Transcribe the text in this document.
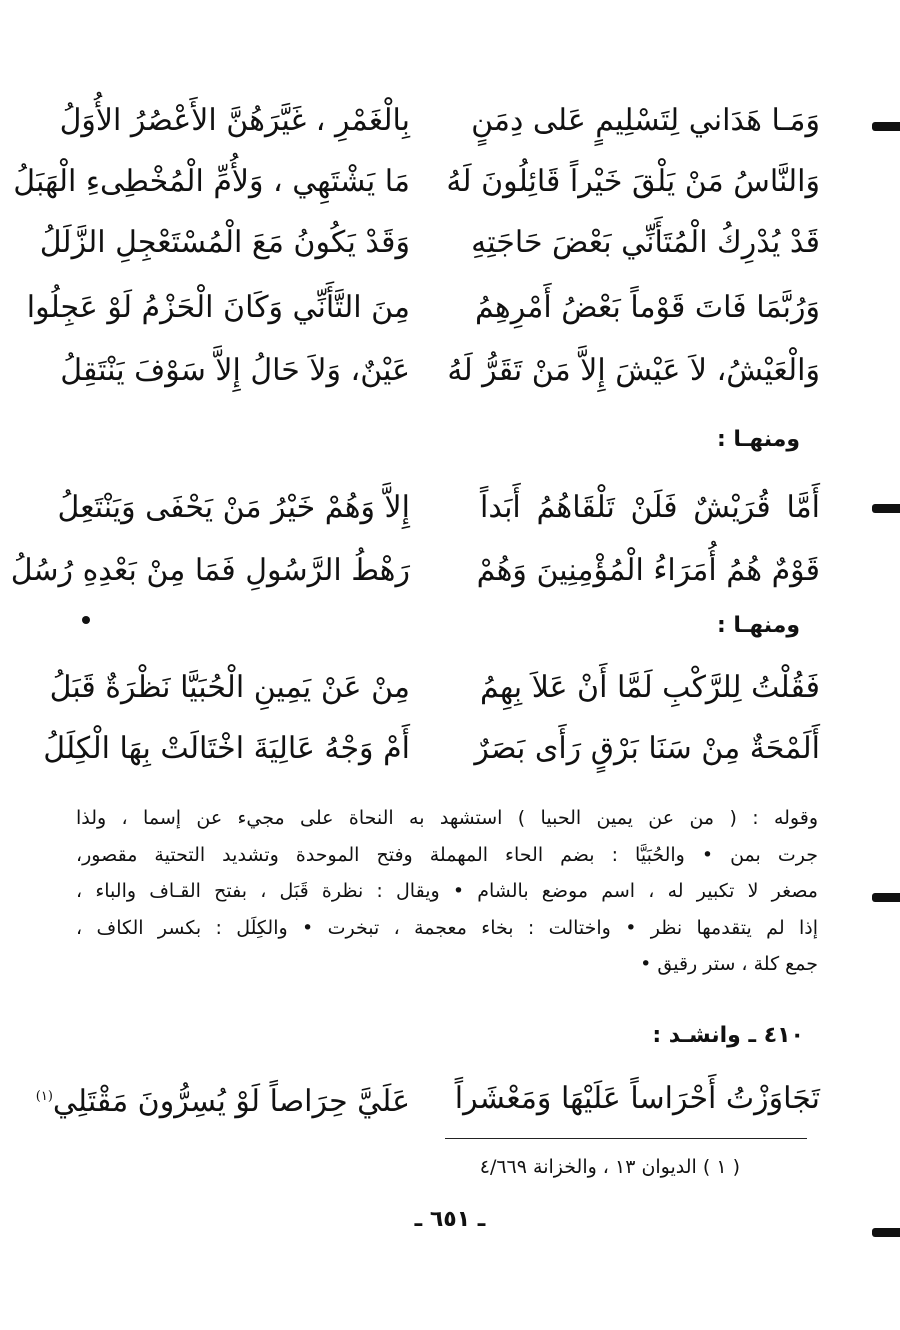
وَمَـا هَدَاني لِتَسْلِيمٍ عَلى دِمَنٍ
بِالْغَمْرِ ، غَيَّرَهُنَّ الأَعْصُرُ الأُوَلُ
وَالنَّاسُ مَنْ يَلْقَ خَيْراً قَائِلُونَ لَهُ
مَا يَشْتَهِي ، وَلأُمِّ الْمُخْطِىءِ الْهَبَلُ
قَدْ يُدْرِكُ الْمُتَأَنِّي بَعْضَ حَاجَتِهِ
وَقَدْ يَكُونُ مَعَ الْمُسْتَعْجِلِ الزَّلَلُ
وَرُبَّمَا فَاتَ قَوْماً بَعْضُ أَمْرِهِمُ
مِنَ التَّأَنِّي وَكَانَ الْحَزْمُ لَوْ عَجِلُوا
وَالْعَيْشُ، لاَ عَيْشَ إِلاَّ مَنْ تَقَرُّ لَهُ
عَيْنٌ، وَلاَ حَالُ إِلاَّ سَوْفَ يَنْتَقِلُ
ومنهـا :
أَمَّا قُرَيْشٌ فَلَنْ تَلْقَاهُمُ أَبَداً
إِلاَّ وَهُمْ خَيْرُ مَنْ يَحْفَى وَيَنْتَعِلُ
قَوْمٌ هُمُ أُمَرَاءُ الْمُؤْمِنِينَ وَهُمْ
رَهْطُ الرَّسُولِ فَمَا مِنْ بَعْدِهِ رُسُلُ
ومنهـا :
فَقُلْتُ لِلرَّكْبِ لَمَّا أَنْ عَلاَ بِهِمُ
مِنْ عَنْ يَمِينِ الْحُبَيَّا نَظْرَةٌ قَبَلُ
أَلَمْحَةٌ مِنْ سَنَا بَرْقٍ رَأَى بَصَرٌ
أَمْ وَجْهُ عَالِيَةَ اخْتَالَتْ بِهَا الْكِلَلُ

وقوله : ( من عن يمين الحبيا ) استشهد به النحاة على مجيء عن إسما ، ولذا

جرت بمن • والحُبَيَّا : بضم الحاء المهملة وفتح الموحدة وتشديد التحتية مقصور،

مصغر لا تكبير له ، اسم موضع بالشام • ويقال : نظرة قَبَل ، بفتح القـاف والباء ،

إذا لم يتقدمها نظر • واختالت : بخاء معجمة ، تبخرت • والكِلَل : بكسر الكاف ،

جمع كلة ، ستر رقيق •

٤١٠ ـ وانشـد :
تَجَاوَزْتُ أَحْرَاساً عَلَيْهَا وَمَعْشَراً
عَلَيَّ حِرَاصاً لَوْ يُسِرُّونَ مَقْتَلِي$^{(١)}$
( ١ ) الديوان ١٣ ، والخزانة ٤/٦٦٩
ـ ٦٥١ ـ
